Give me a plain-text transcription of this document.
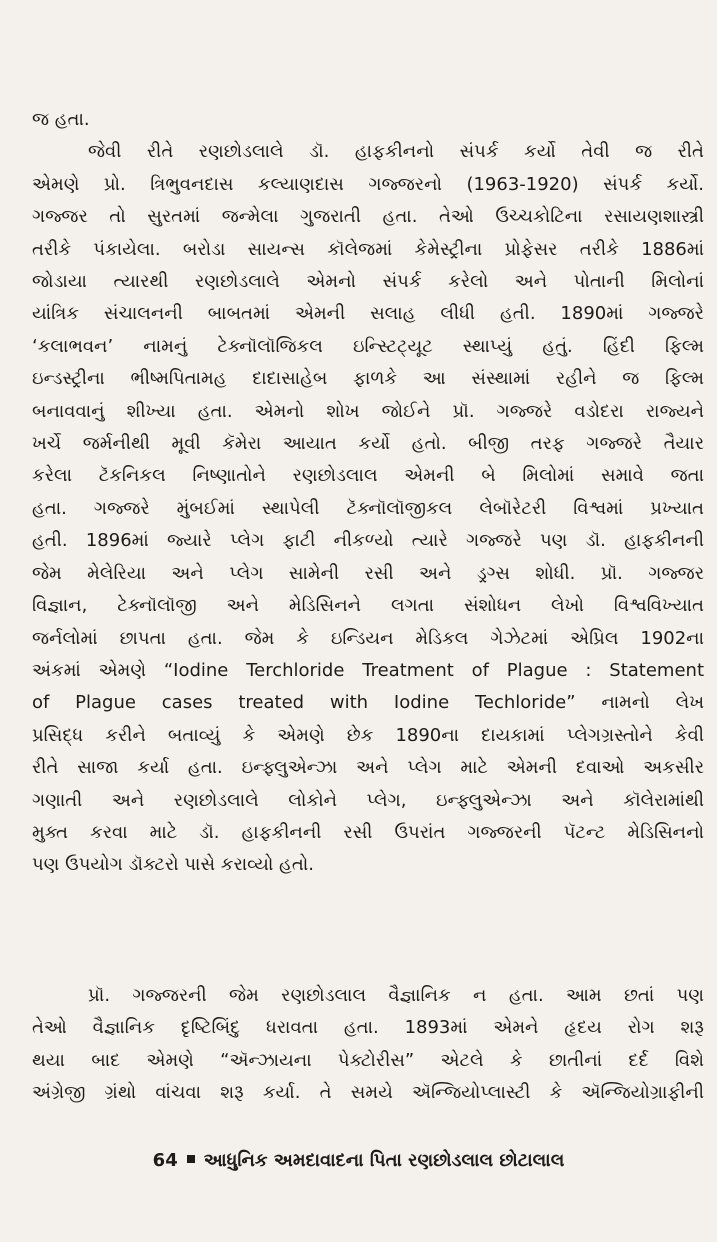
જ હતા.
જેવી રીતે રણછોડલાલે ડૉ. હાફકીનનો સંપર્ક કર્યો તેવી જ રીતે
એમણે પ્રો. ત્રિભુવનદાસ કલ્યાણદાસ ગજ્જરનો (1963-1920) સંપર્ક કર્યો.
ગજ્જર તો સુરતમાં જન્મેલા ગુજરાતી હતા. તેઓ ઉચ્ચકોટિના રસાયણશાસ્ત્રી
તરીકે પંકાયેલા. બરોડા સાયન્સ કૉલેજમાં કેમેસ્ટ્રીના પ્રોફેસર તરીકે 1886માં
જોડાયા ત્યારથી રણછોડલાલે એમનો સંપર્ક કરેલો અને પોતાની મિલોનાં
યાંત્રિક સંચાલનની બાબતમાં એમની સલાહ લીધી હતી. 1890માં ગજ્જરે
‘કલાભવન’ નામનું ટેક્નૉલૉજિકલ ઇન્સ્ટિટ્યૂટ સ્થાપ્યું હતું. હિંદી ફિલ્મ
ઇન્ડસ્ટ્રીના ભીષ્મપિતામહ દાદાસાહેબ ફાળકે આ સંસ્થામાં રહીને જ ફિલ્મ
બનાવવાનું શીખ્યા હતા. એમનો શોખ જોઈને પ્રૉ. ગજ્જરે વડોદરા રાજ્યને
ખર્ચે જર્મનીથી મૂવી કૅમેરા આયાત કર્યો હતો. બીજી તરફ ગજ્જરે તૈયાર
કરેલા ટૅકનિકલ નિષ્ણાતોને રણછોડલાલ એમની બે મિલોમાં સમાવે જતા
હતા. ગજ્જરે મુંબઈમાં સ્થાપેલી ટૅક્નૉલૉજીકલ લેબૉરેટરી વિશ્વમાં પ્રખ્યાત
હતી. 1896માં જ્યારે પ્લેગ ફાટી નીકળ્યો ત્યારે ગજ્જરે પણ ડૉ. હાફકીનની
જેમ મેલેરિયા અને પ્લેગ સામેની રસી અને ડ્રગ્સ શોધી. પ્રૉ. ગજ્જર
વિજ્ઞાન, ટેક્નૉલૉજી અને મેડિસિનને લગતા સંશોધન લેખો વિશ્વવિખ્યાત
જર્નલોમાં છાપતા હતા. જેમ કે ઇન્ડિયન મેડિકલ ગેઝેટમાં એપ્રિલ 1902ના
અંકમાં એમણે “Iodine Terchloride Treatment of Plague : Statement
of Plague cases treated with Iodine Techloride” નામનો લેખ
પ્રસિદ્ધ કરીને બતાવ્યું કે એમણે છેક 1890ના દાયકામાં પ્લેગગ્રસ્તોને કેવી
રીતે સાજા કર્યા હતા. ઇન્ફ્લુએન્ઝા અને પ્લેગ માટે એમની દવાઓ અકસીર
ગણાતી અને રણછોડલાલે લોકોને પ્લેગ, ઇન્ફ્લુએન્ઝા અને કૉલેરામાંથી
મુક્ત કરવા માટે ડૉ. હાફકીનની રસી ઉપરાંત ગજ્જરની પૅટન્ટ મેડિસિનનો
પણ ઉપયોગ ડૉક્ટરો પાસે કરાવ્યો હતો.
પ્રૉ. ગજ્જરની જેમ રણછોડલાલ વૈજ્ઞાનિક ન હતા. આમ છતાં પણ
તેઓ વૈજ્ઞાનિક દૃષ્ટિબિંદુ ધરાવતા હતા. 1893માં એમને હૃદય રોગ શરૂ
થયા બાદ એમણે “ઍન્ઝાયના પેક્ટોરીસ” એટલે કે છાતીનાં દર્દ વિશે
અંગ્રેજી ગ્રંથો વાંચવા શરૂ કર્યા. તે સમયે ઍન્જિયોપ્લાસ્ટી કે ઍન્જિયોગ્રાફીની
64 આધુનિક અમદાવાદના પિતા રણછોડલાલ છોટાલાલ
